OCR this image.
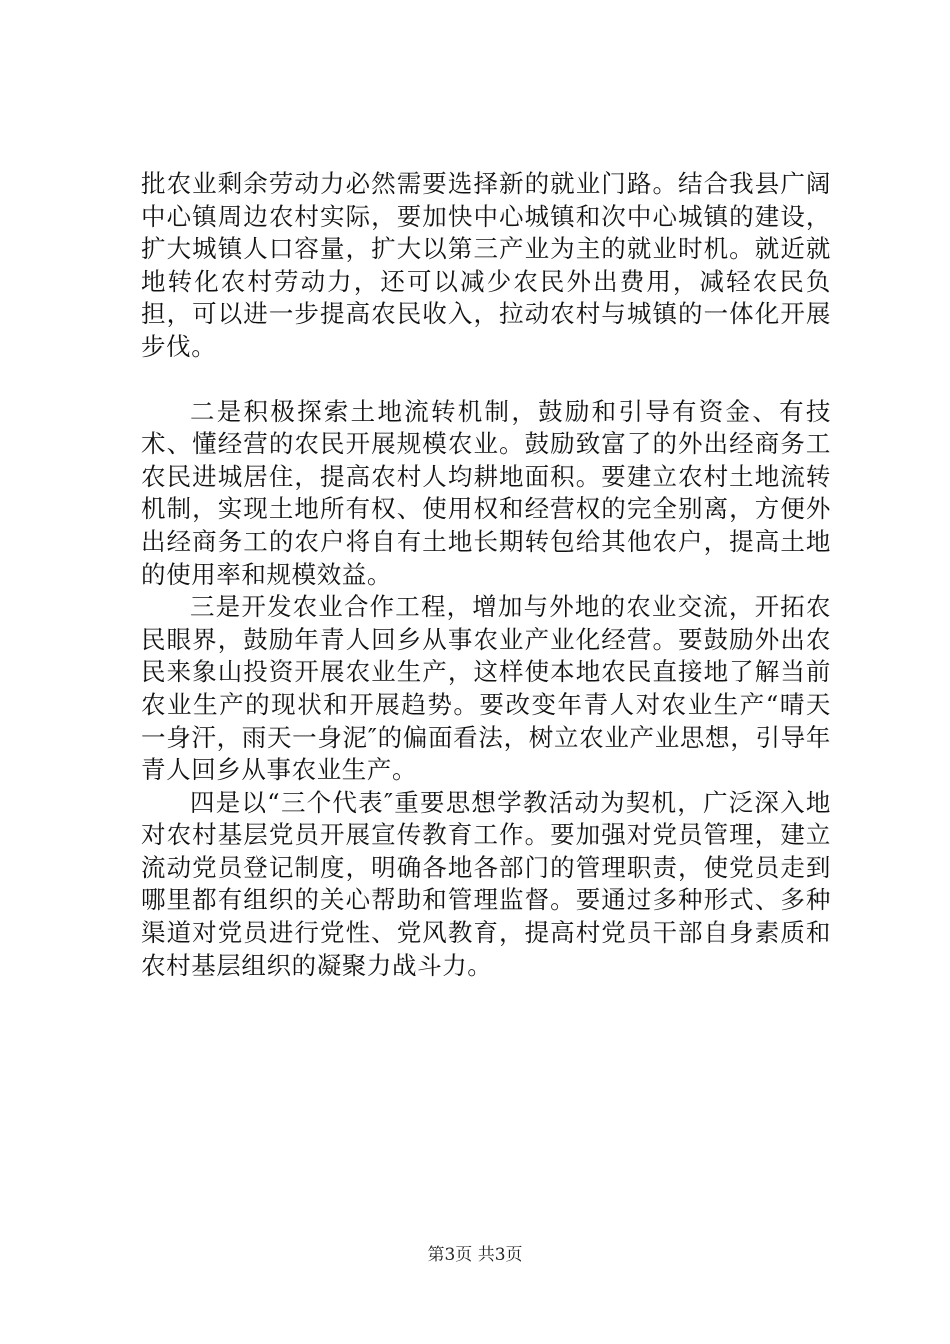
批农业剩余劳动力必然需要选择新的就业门路。结合我县广阔中心镇周边农村实际，要加快中心城镇和次中心城镇的建设，扩大城镇人口容量，扩大以第三产业为主的就业时机。就近就地转化农村劳动力，还可以减少农民外出费用，减轻农民负担，可以进一步提高农民收入，拉动农村与城镇的一体化开展步伐。

二是积极探索土地流转机制，鼓励和引导有资金、有技术、懂经营的农民开展规模农业。鼓励致富了的外出经商务工农民进城居住，提高农村人均耕地面积。要建立农村土地流转机制，实现土地所有权、使用权和经营权的完全别离，方便外出经商务工的农户将自有土地长期转包给其他农户，提高土地的使用率和规模效益。

三是开发农业合作工程，增加与外地的农业交流，开拓农民眼界，鼓励年青人回乡从事农业产业化经营。要鼓励外出农民来象山投资开展农业生产，这样使本地农民直接地了解当前农业生产的现状和开展趋势。要改变年青人对农业生产“晴天一身汗，雨天一身泥″的偏面看法，树立农业产业思想，引导年青人回乡从事农业生产。

四是以“三个代表″重要思想学教活动为契机，广泛深入地对农村基层党员开展宣传教育工作。要加强对党员管理，建立流动党员登记制度，明确各地各部门的管理职责，使党员走到哪里都有组织的关心帮助和管理监督。要通过多种形式、多种渠道对党员进行党性、党风教育，提高村党员干部自身素质和农村基层组织的凝聚力战斗力。

第3页 共3页
